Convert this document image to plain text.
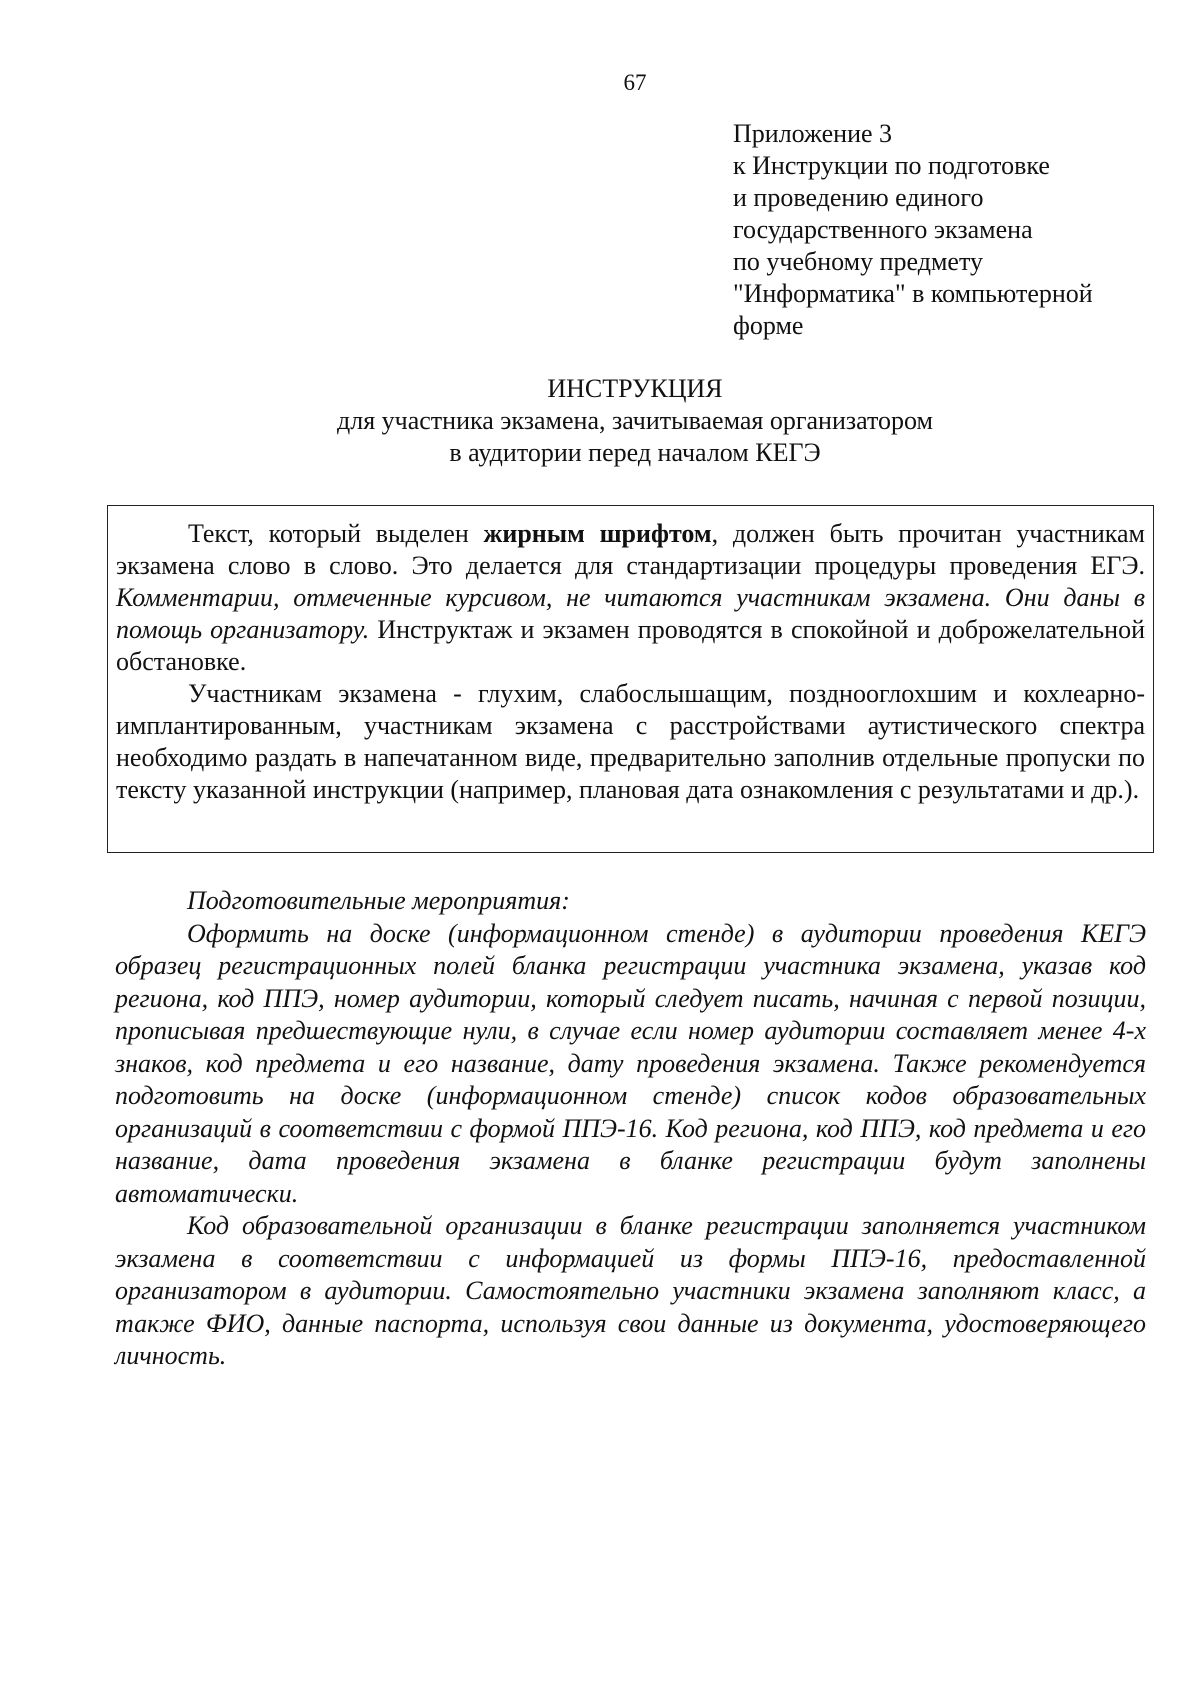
67
Приложение 3
к Инструкции по подготовке
и проведению единого
государственного экзамена
по учебному предмету
"Информатика" в компьютерной
форме
ИНСТРУКЦИЯ
для участника экзамена, зачитываемая организатором
в аудитории перед началом КЕГЭ

Текст, который выделен жирным шрифтом, должен быть прочитан участникам экзамена слово в слово. Это делается для стандартизации процедуры проведения ЕГЭ. Комментарии, отмеченные курсивом, не читаются участникам экзамена. Они даны в помощь организатору. Инструктаж и экзамен проводятся в спокойной и доброжелательной обстановке.

Участникам экзамена - глухим, слабослышащим, позднооглохшим и кохлеарно-имплантированным, участникам экзамена с расстройствами аутистического спектра необходимо раздать в напечатанном виде, предварительно заполнив отдельные пропуски по тексту указанной инструкции (например, плановая дата ознакомления с результатами и др.).

Подготовительные мероприятия:

Оформить на доске (информационном стенде) в аудитории проведения КЕГЭ образец регистрационных полей бланка регистрации участника экзамена, указав код региона, код ППЭ, номер аудитории, который следует писать, начиная с первой позиции, прописывая предшествующие нули, в случае если номер аудитории составляет менее 4-х знаков, код предмета и его название, дату проведения экзамена. Также рекомендуется подготовить на доске (информационном стенде) список кодов образовательных организаций в соответствии с формой ППЭ-16. Код региона, код ППЭ, код предмета и его название, дата проведения экзамена в бланке регистрации будут заполнены автоматически.

Код образовательной организации в бланке регистрации заполняется участником экзамена в соответствии с информацией из формы ППЭ-16, предоставленной организатором в аудитории. Самостоятельно участники экзамена заполняют класс, а также ФИО, данные паспорта, используя свои данные из документа, удостоверяющего личность.
